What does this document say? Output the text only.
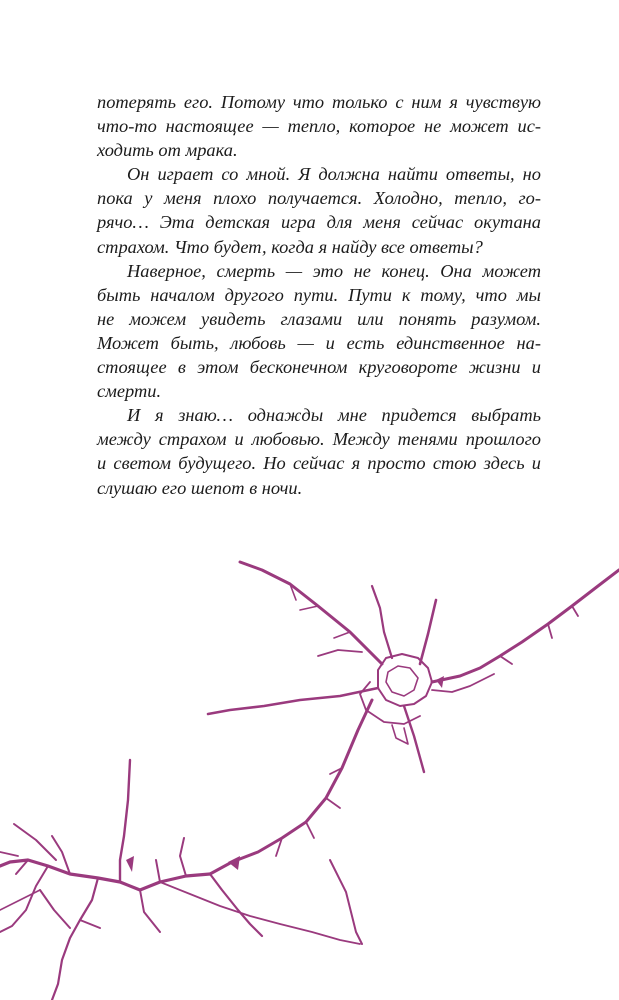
потерять его. Потому что только с ним я чувствую
что-то настоящее — тепло, которое не может ис-
ходить от мрака.

Он играет со мной. Я должна найти ответы, но
пока у меня плохо получается. Холодно, тепло, го-
рячо… Эта детская игра для меня сейчас окутана
страхом. Что будет, когда я найду все ответы?

Наверное, смерть — это не конец. Она может
быть началом другого пути. Пути к тому, что мы
не можем увидеть глазами или понять разумом.
Может быть, любовь — и есть единственное на-
стоящее в этом бесконечном круговороте жизни и
смерти.

И я знаю… однажды мне придется выбрать
между страхом и любовью. Между тенями прошлого
и светом будущего. Но сейчас я просто стою здесь и
слушаю его шепот в ночи.
